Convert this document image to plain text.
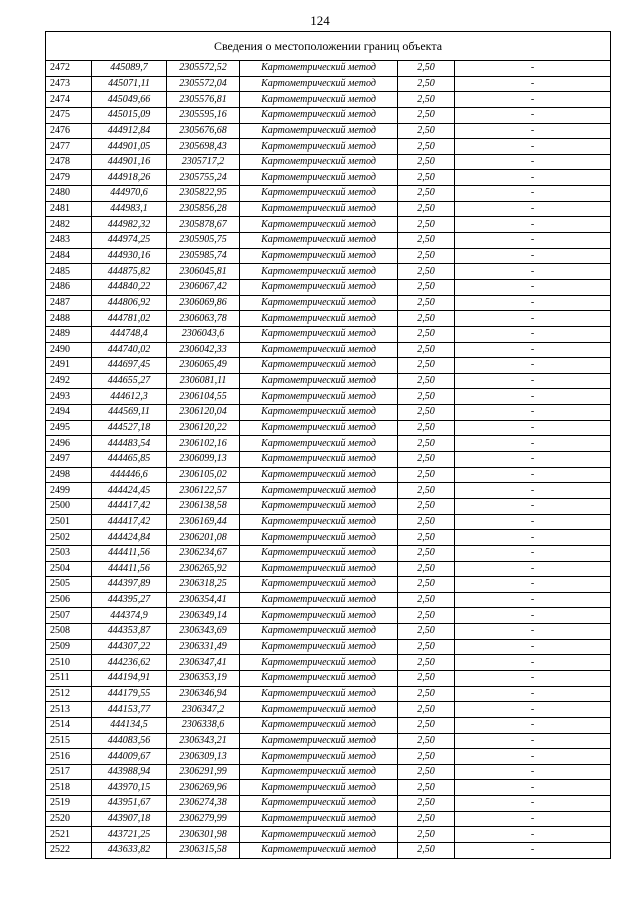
124
Сведения о местоположении границ объекта					
2472	445089,7	2305572,52	Картометрический метод	2,50	-
2473	445071,11	2305572,04	Картометрический метод	2,50	-
2474	445049,66	2305576,81	Картометрический метод	2,50	-
2475	445015,09	2305595,16	Картометрический метод	2,50	-
2476	444912,84	2305676,68	Картометрический метод	2,50	-
2477	444901,05	2305698,43	Картометрический метод	2,50	-
2478	444901,16	2305717,2	Картометрический метод	2,50	-
2479	444918,26	2305755,24	Картометрический метод	2,50	-
2480	444970,6	2305822,95	Картометрический метод	2,50	-
2481	444983,1	2305856,28	Картометрический метод	2,50	-
2482	444982,32	2305878,67	Картометрический метод	2,50	-
2483	444974,25	2305905,75	Картометрический метод	2,50	-
2484	444930,16	2305985,74	Картометрический метод	2,50	-
2485	444875,82	2306045,81	Картометрический метод	2,50	-
2486	444840,22	2306067,42	Картометрический метод	2,50	-
2487	444806,92	2306069,86	Картометрический метод	2,50	-
2488	444781,02	2306063,78	Картометрический метод	2,50	-
2489	444748,4	2306043,6	Картометрический метод	2,50	-
2490	444740,02	2306042,33	Картометрический метод	2,50	-
2491	444697,45	2306065,49	Картометрический метод	2,50	-
2492	444655,27	2306081,11	Картометрический метод	2,50	-
2493	444612,3	2306104,55	Картометрический метод	2,50	-
2494	444569,11	2306120,04	Картометрический метод	2,50	-
2495	444527,18	2306120,22	Картометрический метод	2,50	-
2496	444483,54	2306102,16	Картометрический метод	2,50	-
2497	444465,85	2306099,13	Картометрический метод	2,50	-
2498	444446,6	2306105,02	Картометрический метод	2,50	-
2499	444424,45	2306122,57	Картометрический метод	2,50	-
2500	444417,42	2306138,58	Картометрический метод	2,50	-
2501	444417,42	2306169,44	Картометрический метод	2,50	-
2502	444424,84	2306201,08	Картометрический метод	2,50	-
2503	444411,56	2306234,67	Картометрический метод	2,50	-
2504	444411,56	2306265,92	Картометрический метод	2,50	-
2505	444397,89	2306318,25	Картометрический метод	2,50	-
2506	444395,27	2306354,41	Картометрический метод	2,50	-
2507	444374,9	2306349,14	Картометрический метод	2,50	-
2508	444353,87	2306343,69	Картометрический метод	2,50	-
2509	444307,22	2306331,49	Картометрический метод	2,50	-
2510	444236,62	2306347,41	Картометрический метод	2,50	-
2511	444194,91	2306353,19	Картометрический метод	2,50	-
2512	444179,55	2306346,94	Картометрический метод	2,50	-
2513	444153,77	2306347,2	Картометрический метод	2,50	-
2514	444134,5	2306338,6	Картометрический метод	2,50	-
2515	444083,56	2306343,21	Картометрический метод	2,50	-
2516	444009,67	2306309,13	Картометрический метод	2,50	-
2517	443988,94	2306291,99	Картометрический метод	2,50	-
2518	443970,15	2306269,96	Картометрический метод	2,50	-
2519	443951,67	2306274,38	Картометрический метод	2,50	-
2520	443907,18	2306279,99	Картометрический метод	2,50	-
2521	443721,25	2306301,98	Картометрический метод	2,50	-
2522	443633,82	2306315,58	Картометрический метод	2,50	-
